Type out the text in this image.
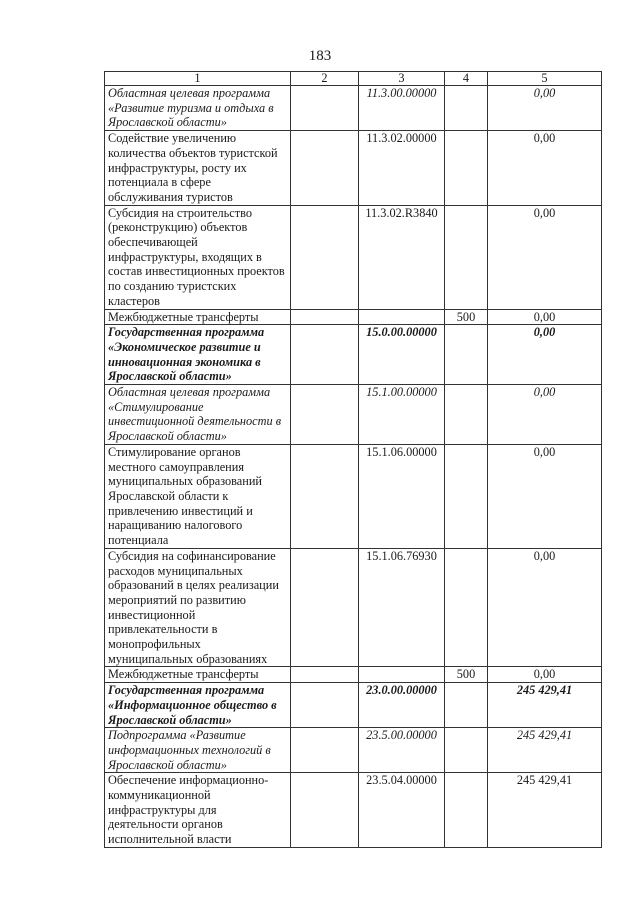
183
1	2	3	4	5
Областная целевая программа «Развитие туризма и отдыха в Ярославской области»		11.3.00.00000		0,00
Содействие увеличению количества объектов туристской инфраструктуры, росту их потенциала в сфере обслуживания туристов		11.3.02.00000		0,00
Субсидия на строительство (реконструкцию) объектов обеспечивающей инфраструктуры, входящих в состав инвестиционных проектов по созданию туристских кластеров		11.3.02.R3840		0,00
Межбюджетные трансферты			500	0,00
Государственная программа «Экономическое развитие и инновационная экономика в Ярославской области»		15.0.00.00000		0,00
Областная целевая программа «Стимулирование инвестиционной деятельности в Ярославской области»		15.1.00.00000		0,00
Стимулирование органов местного самоуправления муниципальных образований Ярославской области к привлечению инвестиций и наращиванию налогового потенциала		15.1.06.00000		0,00
Субсидия на софинансирование расходов муниципальных образований в целях реализации мероприятий по развитию инвестиционной привлекательности в монопрофильных муниципальных образованиях		15.1.06.76930		0,00
Межбюджетные трансферты			500	0,00
Государственная программа «Информационное общество в Ярославской области»		23.0.00.00000		245 429,41
Подпрограмма «Развитие информационных технологий в Ярославской области»		23.5.00.00000		245 429,41
Обеспечение информационно-коммуникационной инфраструктуры для деятельности органов исполнительной власти		23.5.04.00000		245 429,41
